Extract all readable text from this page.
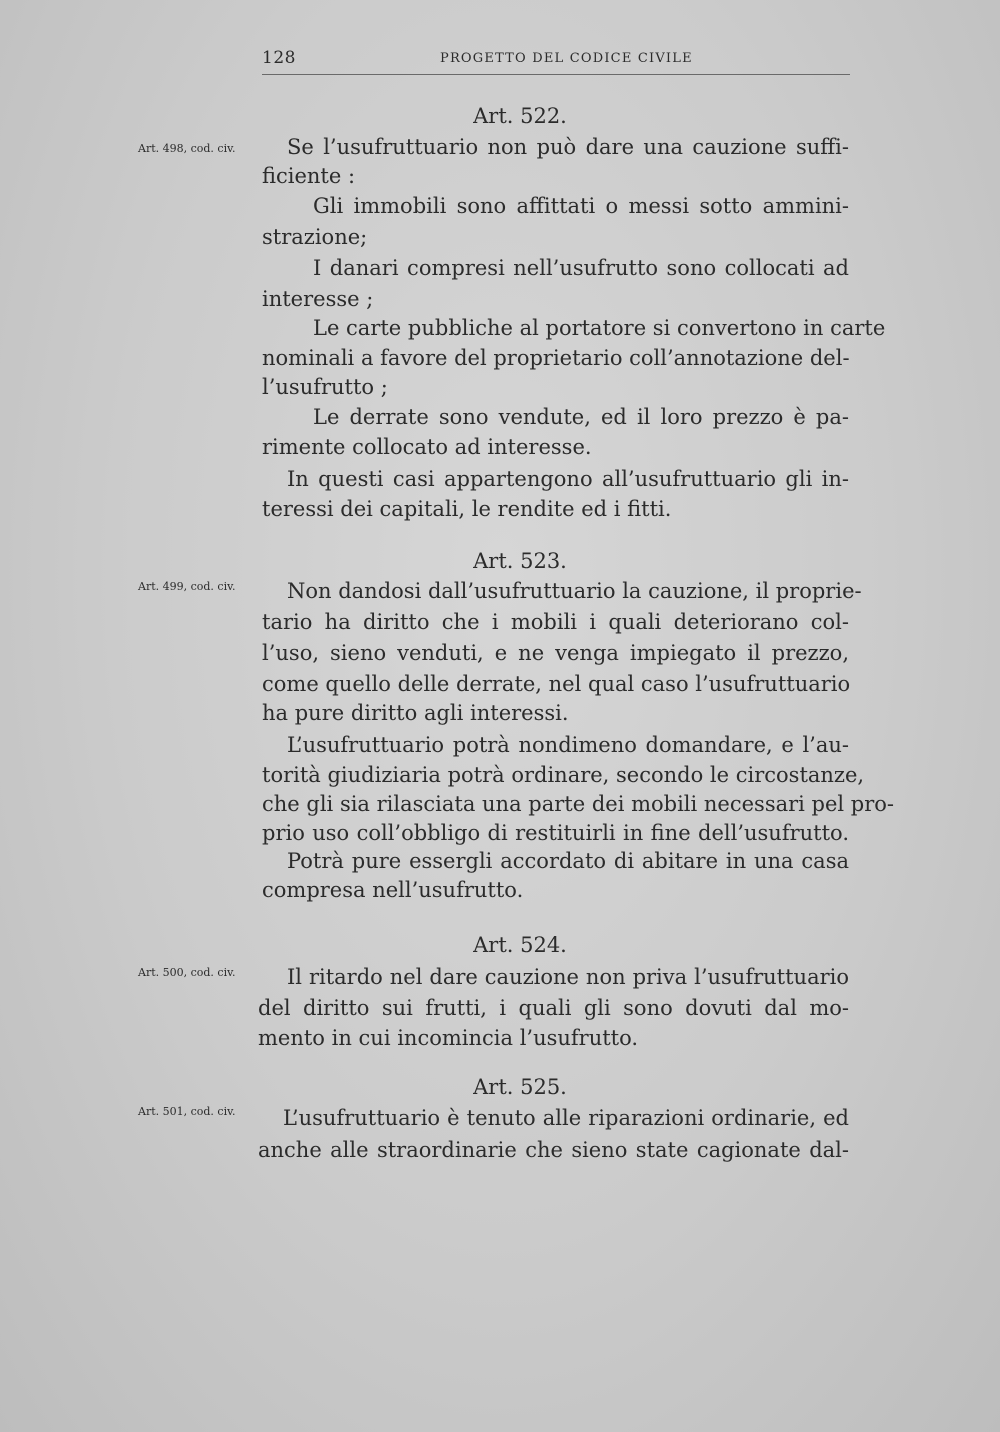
128	PROGETTO DEL CODICE CIVILE
Art. 522.
Art. 498, cod. civ.	Se l’usufruttuario non può dare una cauzione suffi-
ficiente :
Gli immobili sono affittati o messi sotto ammini-
strazione;
I danari compresi nell’usufrutto sono collocati ad
interesse ;
Le carte pubbliche al portatore si convertono in carte
nominali a favore del proprietario coll’annotazione del-
l’usufrutto ;
Le derrate sono vendute, ed il loro prezzo è pa-
rimente collocato ad interesse.
In questi casi appartengono all’usufruttuario gli in-
teressi dei capitali, le rendite ed i fitti.
Art. 523.
Art. 499, cod. civ.	Non dandosi dall’usufruttuario la cauzione, il proprie-
tario ha diritto che i mobili i quali deteriorano col-
l’uso, sieno venduti, e ne venga impiegato il prezzo,
come quello delle derrate, nel qual caso l’usufruttuario
ha pure diritto agli interessi.
L’usufruttuario potrà nondimeno domandare, e l’au-
torità giudiziaria potrà ordinare, secondo le circostanze,
che gli sia rilasciata una parte dei mobili necessari pel pro-
prio uso coll’obbligo di restituirli in fine dell’usufrutto.
Potrà pure essergli accordato di abitare in una casa
compresa nell’usufrutto.
Art. 524.
Art. 500, cod. civ.	Il ritardo nel dare cauzione non priva l’usufruttuario
del diritto sui frutti, i quali gli sono dovuti dal mo-
mento in cui incomincia l’usufrutto.
Art. 525.
Art. 501, cod. civ.	L’usufruttuario è tenuto alle riparazioni ordinarie, ed
anche alle straordinarie che sieno state cagionate dal-
